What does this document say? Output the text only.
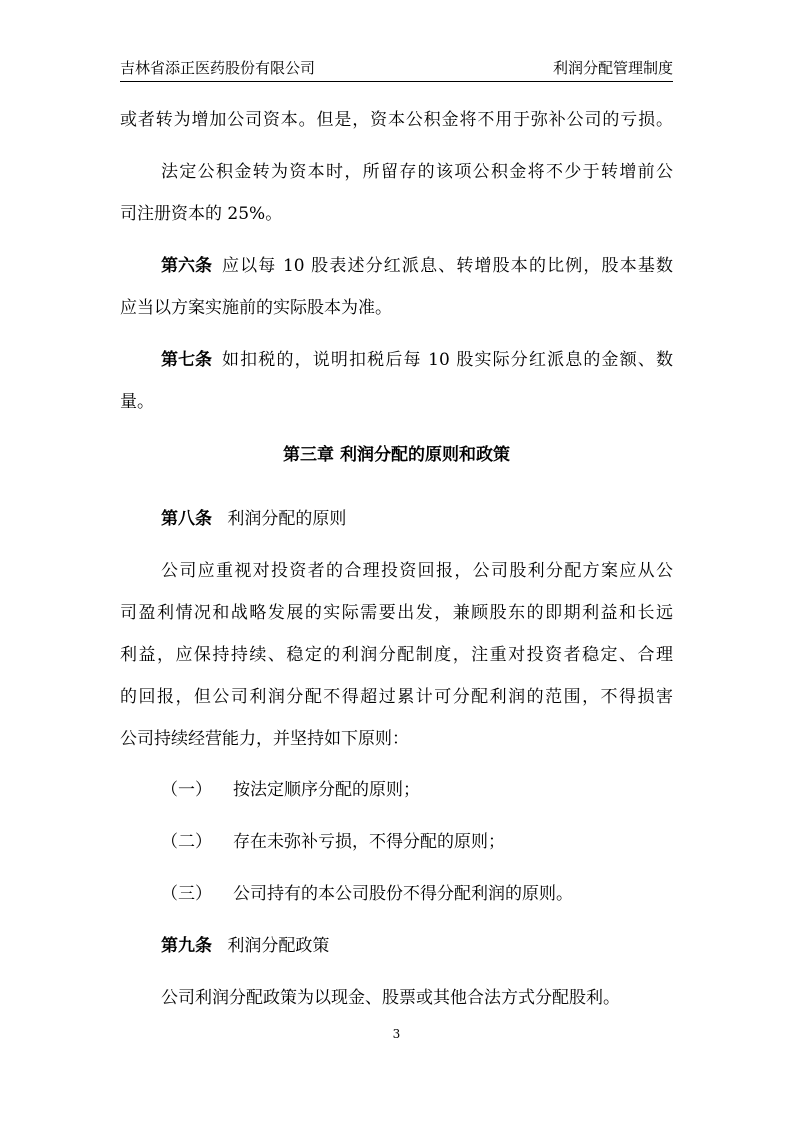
吉林省添正医药股份有限公司	利润分配管理制度
或者转为增加公司资本。但是，资本公积金将不用于弥补公司的亏损。
法定公积金转为资本时，所留存的该项公积金将不少于转增前公
司注册资本的 25%。
第六条 应以每 10 股表述分红派息、转增股本的比例，股本基数
应当以方案实施前的实际股本为准。
第七条 如扣税的，说明扣税后每 10 股实际分红派息的金额、数
量。
第三章 利润分配的原则和政策
第八条 利润分配的原则
公司应重视对投资者的合理投资回报，公司股利分配方案应从公
司盈利情况和战略发展的实际需要出发，兼顾股东的即期利益和长远
利益，应保持持续、稳定的利润分配制度，注重对投资者稳定、合理
的回报，但公司利润分配不得超过累计可分配利润的范围，不得损害
公司持续经营能力，并坚持如下原则：
（一） 按法定顺序分配的原则；
（二） 存在未弥补亏损，不得分配的原则；
（三） 公司持有的本公司股份不得分配利润的原则。
第九条 利润分配政策
公司利润分配政策为以现金、股票或其他合法方式分配股利。
3
